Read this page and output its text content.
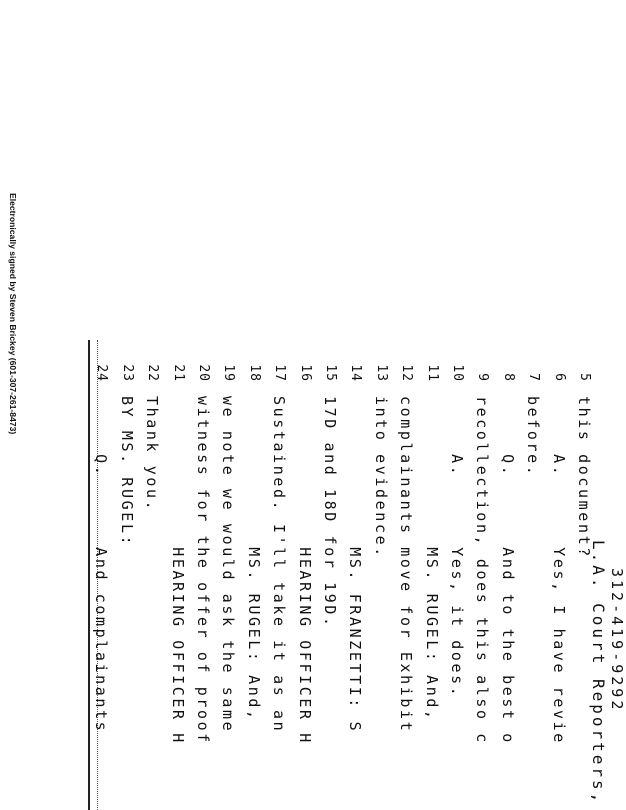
Electronically signed by Steven Brickey (601-307-261-8473)	5
this document?
6
A.      Yes, I have revie
7
before.
8
Q.      And to the best o
9
recollection, does this also c
10
A.      Yes, it does.
11
MS. RUGEL: And,
12
complainants move for Exhibit
13
into evidence.
14
MS. FRANZETTI: S
15
17D and 18D for 19D.
16
HEARING OFFICER H
17
Sustained. I'll take it as an
18
MS. RUGEL: And,
19
we note we would ask the same
20
witness for the offer of proof
21
HEARING OFFICER H
22
Thank you.
23
BY MS. RUGEL:
24
Q.      And complainants	L.A. Court Reporters, 312-419-9292
